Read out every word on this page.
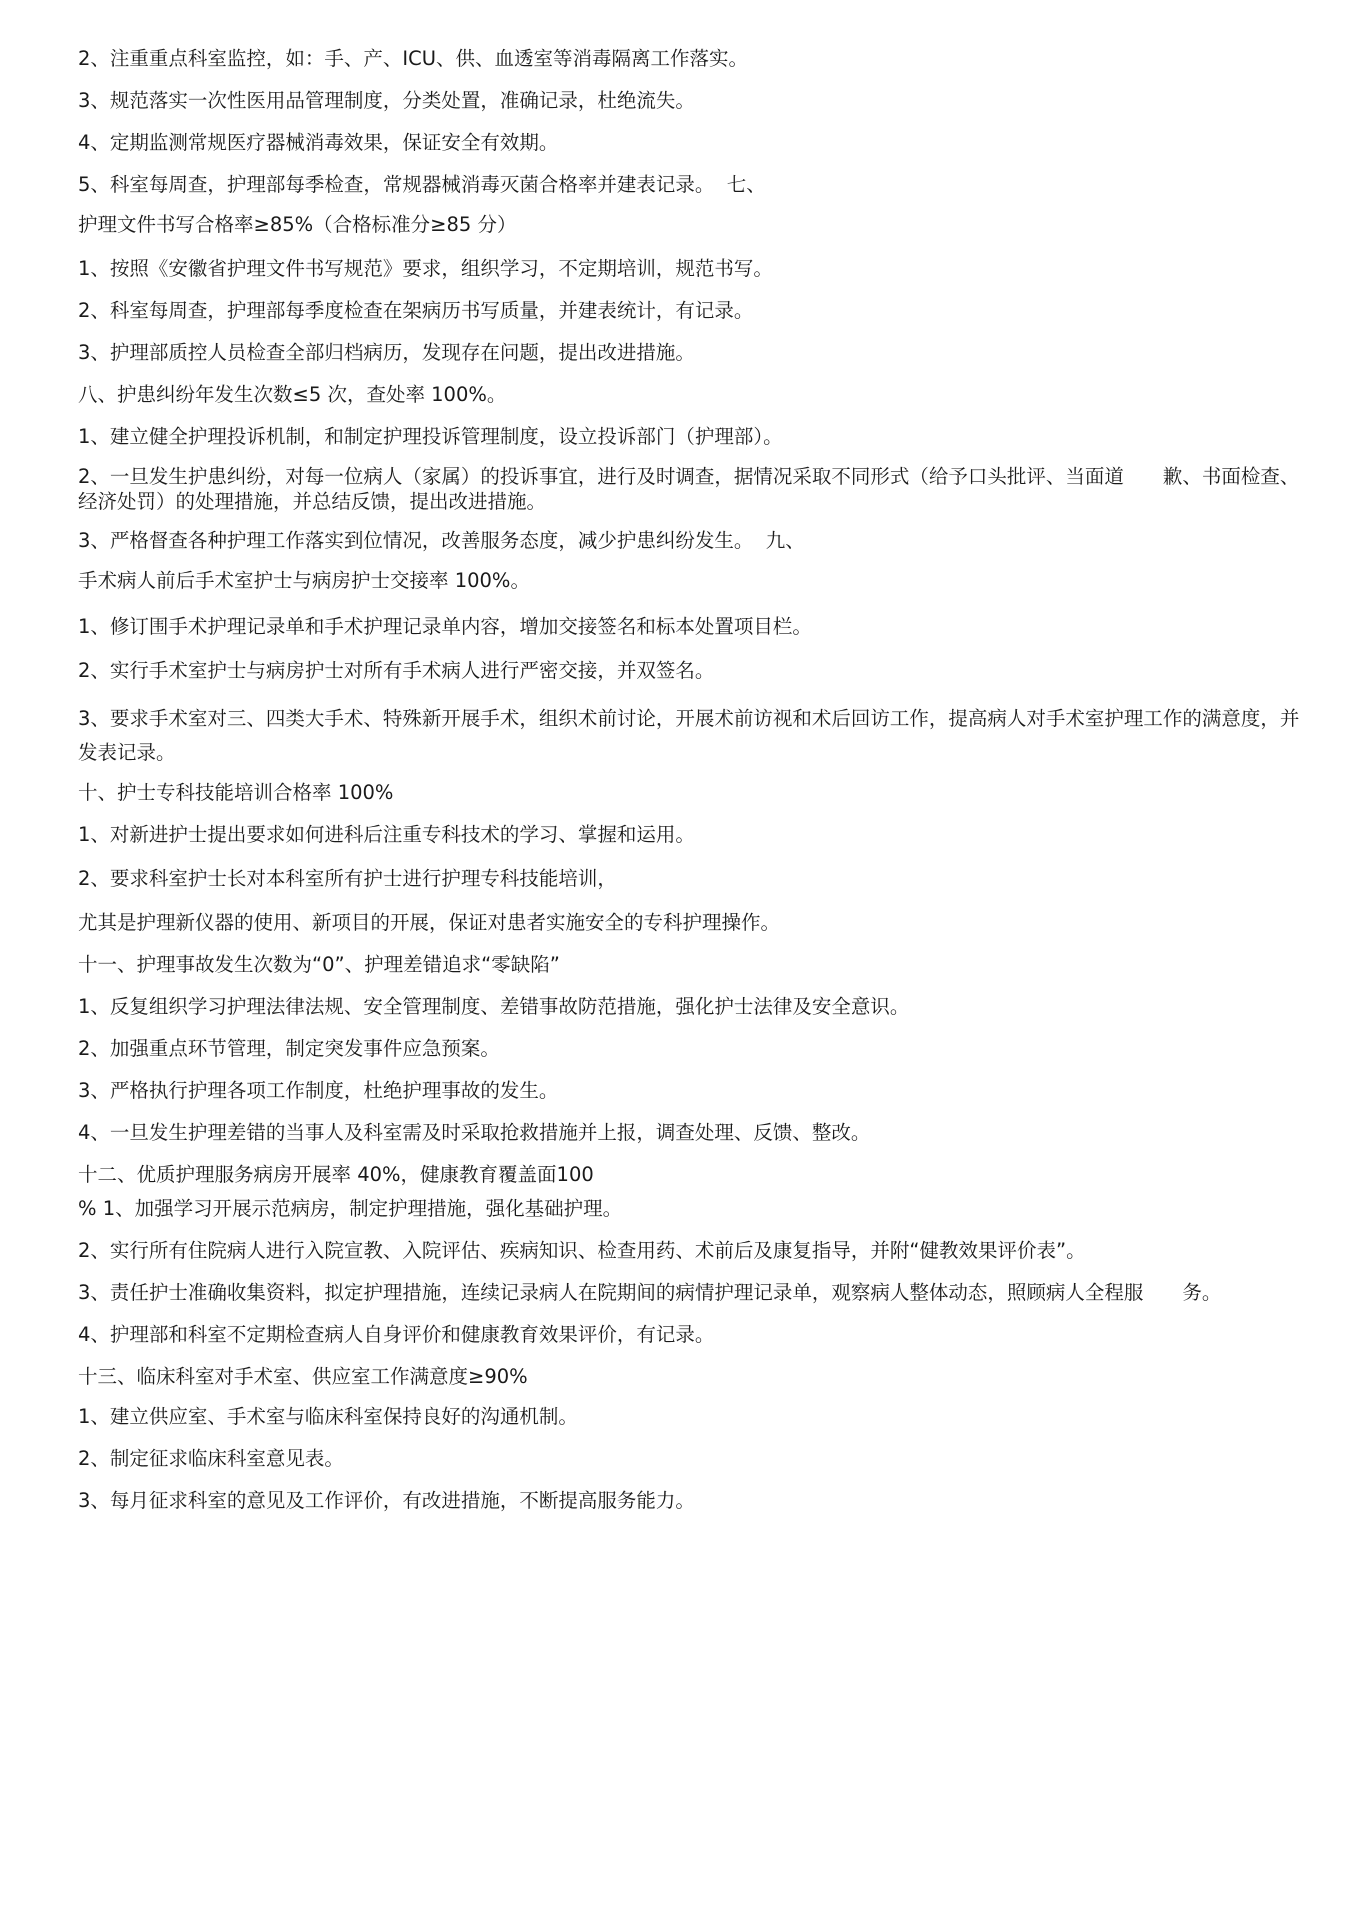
2、注重重点科室监控，如：手、产、ICU、供、血透室等消毒隔离工作落实。

3、规范落实一次性医用品管理制度，分类处置，准确记录，杜绝流失。

4、定期监测常规医疗器械消毒效果，保证安全有效期。

5、科室每周查，护理部每季检查，常规器械消毒灭菌合格率并建表记录。  七、

护理文件书写合格率≥85%（合格标准分≥85 分）

1、按照《安徽省护理文件书写规范》要求，组织学习，不定期培训，规范书写。

2、科室每周查，护理部每季度检查在架病历书写质量，并建表统计，有记录。

3、护理部质控人员检查全部归档病历，发现存在问题，提出改进措施。

八、护患纠纷年发生次数≤5 次，查处率 100%。

1、建立健全护理投诉机制，和制定护理投诉管理制度，设立投诉部门（护理部）。

2、一旦发生护患纠纷，对每一位病人（家属）的投诉事宜，进行及时调查，据情况采取不同形式（给予口头批评、当面道　　歉、书面检查、经济处罚）的处理措施，并总结反馈，提出改进措施。

3、严格督查各种护理工作落实到位情况，改善服务态度，减少护患纠纷发生。  九、

手术病人前后手术室护士与病房护士交接率 100%。

1、修订围手术护理记录单和手术护理记录单内容，增加交接签名和标本处置项目栏。

2、实行手术室护士与病房护士对所有手术病人进行严密交接，并双签名。

3、要求手术室对三、四类大手术、特殊新开展手术，组织术前讨论，开展术前访视和术后回访工作，提高病人对手术室护理工作的满意度，并发表记录。

十、护士专科技能培训合格率 100%

1、对新进护士提出要求如何进科后注重专科技术的学习、掌握和运用。

2、要求科室护士长对本科室所有护士进行护理专科技能培训，

尤其是护理新仪器的使用、新项目的开展，保证对患者实施安全的专科护理操作。

十一、护理事故发生次数为“0”、护理差错追求“零缺陷”

1、反复组织学习护理法律法规、安全管理制度、差错事故防范措施，强化护士法律及安全意识。

2、加强重点环节管理，制定突发事件应急预案。

3、严格执行护理各项工作制度，杜绝护理事故的发生。

4、一旦发生护理差错的当事人及科室需及时采取抢救措施并上报，调查处理、反馈、整改。

十二、优质护理服务病房开展率 40%，健康教育覆盖面100

% 1、加强学习开展示范病房，制定护理措施，强化基础护理。

2、实行所有住院病人进行入院宣教、入院评估、疾病知识、检查用药、术前后及康复指导，并附“健教效果评价表”。

3、责任护士准确收集资料，拟定护理措施，连续记录病人在院期间的病情护理记录单，观察病人整体动态，照顾病人全程服　　务。

4、护理部和科室不定期检查病人自身评价和健康教育效果评价，有记录。

十三、临床科室对手术室、供应室工作满意度≥90%

1、建立供应室、手术室与临床科室保持良好的沟通机制。

2、制定征求临床科室意见表。

3、每月征求科室的意见及工作评价，有改进措施，不断提高服务能力。
